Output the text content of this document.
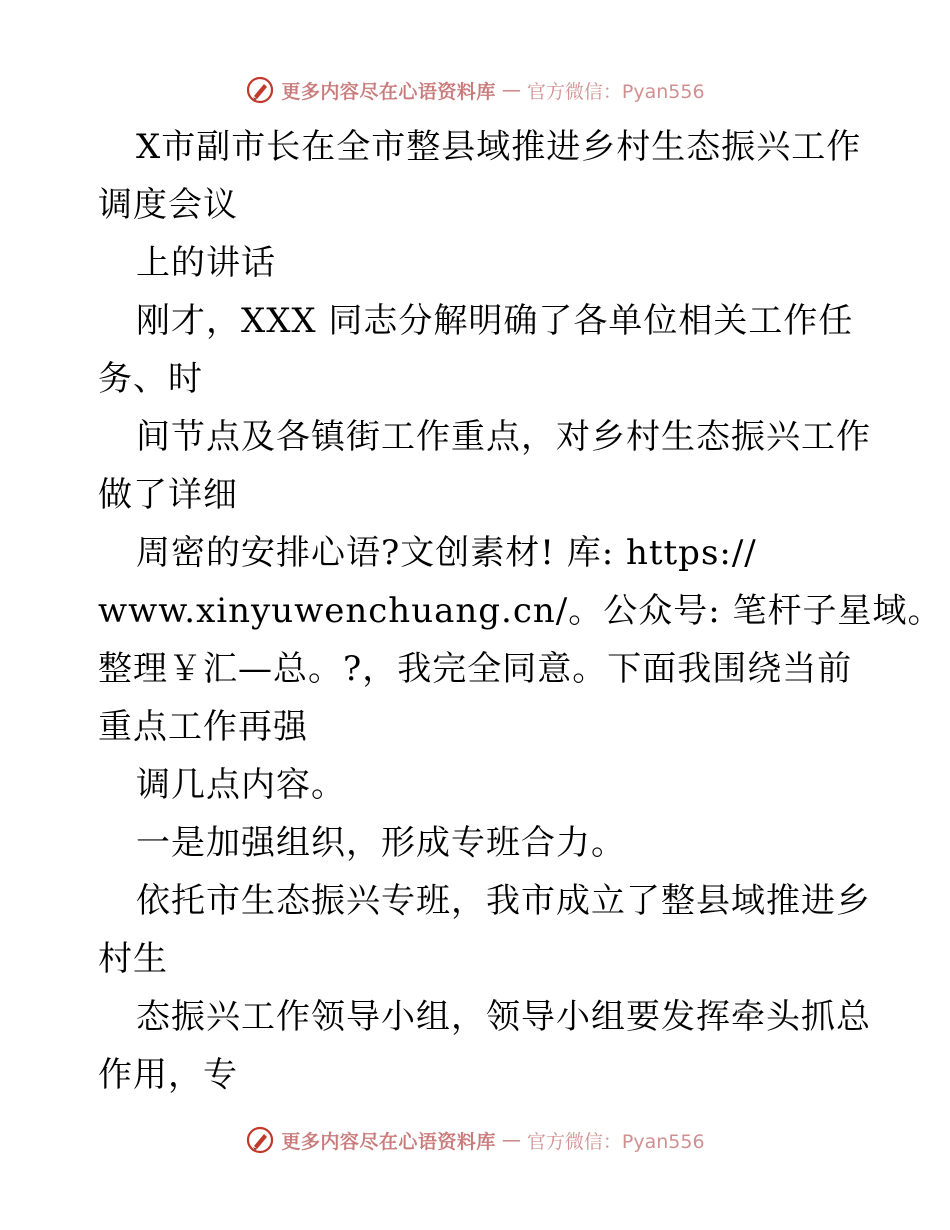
更多内容尽在心语资料库 — 官方微信：Pyan556
X市副市长在全市整县域推进乡村生态振兴工作
调度会议
上的讲话
刚才，XXX 同志分解明确了各单位相关工作任
务、时
间节点及各镇街工作重点，对乡村生态振兴工作
做了详细
周密的安排心语?文创素材! 库: https://
www.xinyuwenchuang.cn/。公众号: 笔杆子星域。
整理￥汇—总。?，我完全同意。下面我围绕当前
重点工作再强
调几点内容。
一是加强组织，形成专班合力。
依托市生态振兴专班，我市成立了整县域推进乡
村生
态振兴工作领导小组，领导小组要发挥牵头抓总
作用，专
更多内容尽在心语资料库 — 官方微信：Pyan556
